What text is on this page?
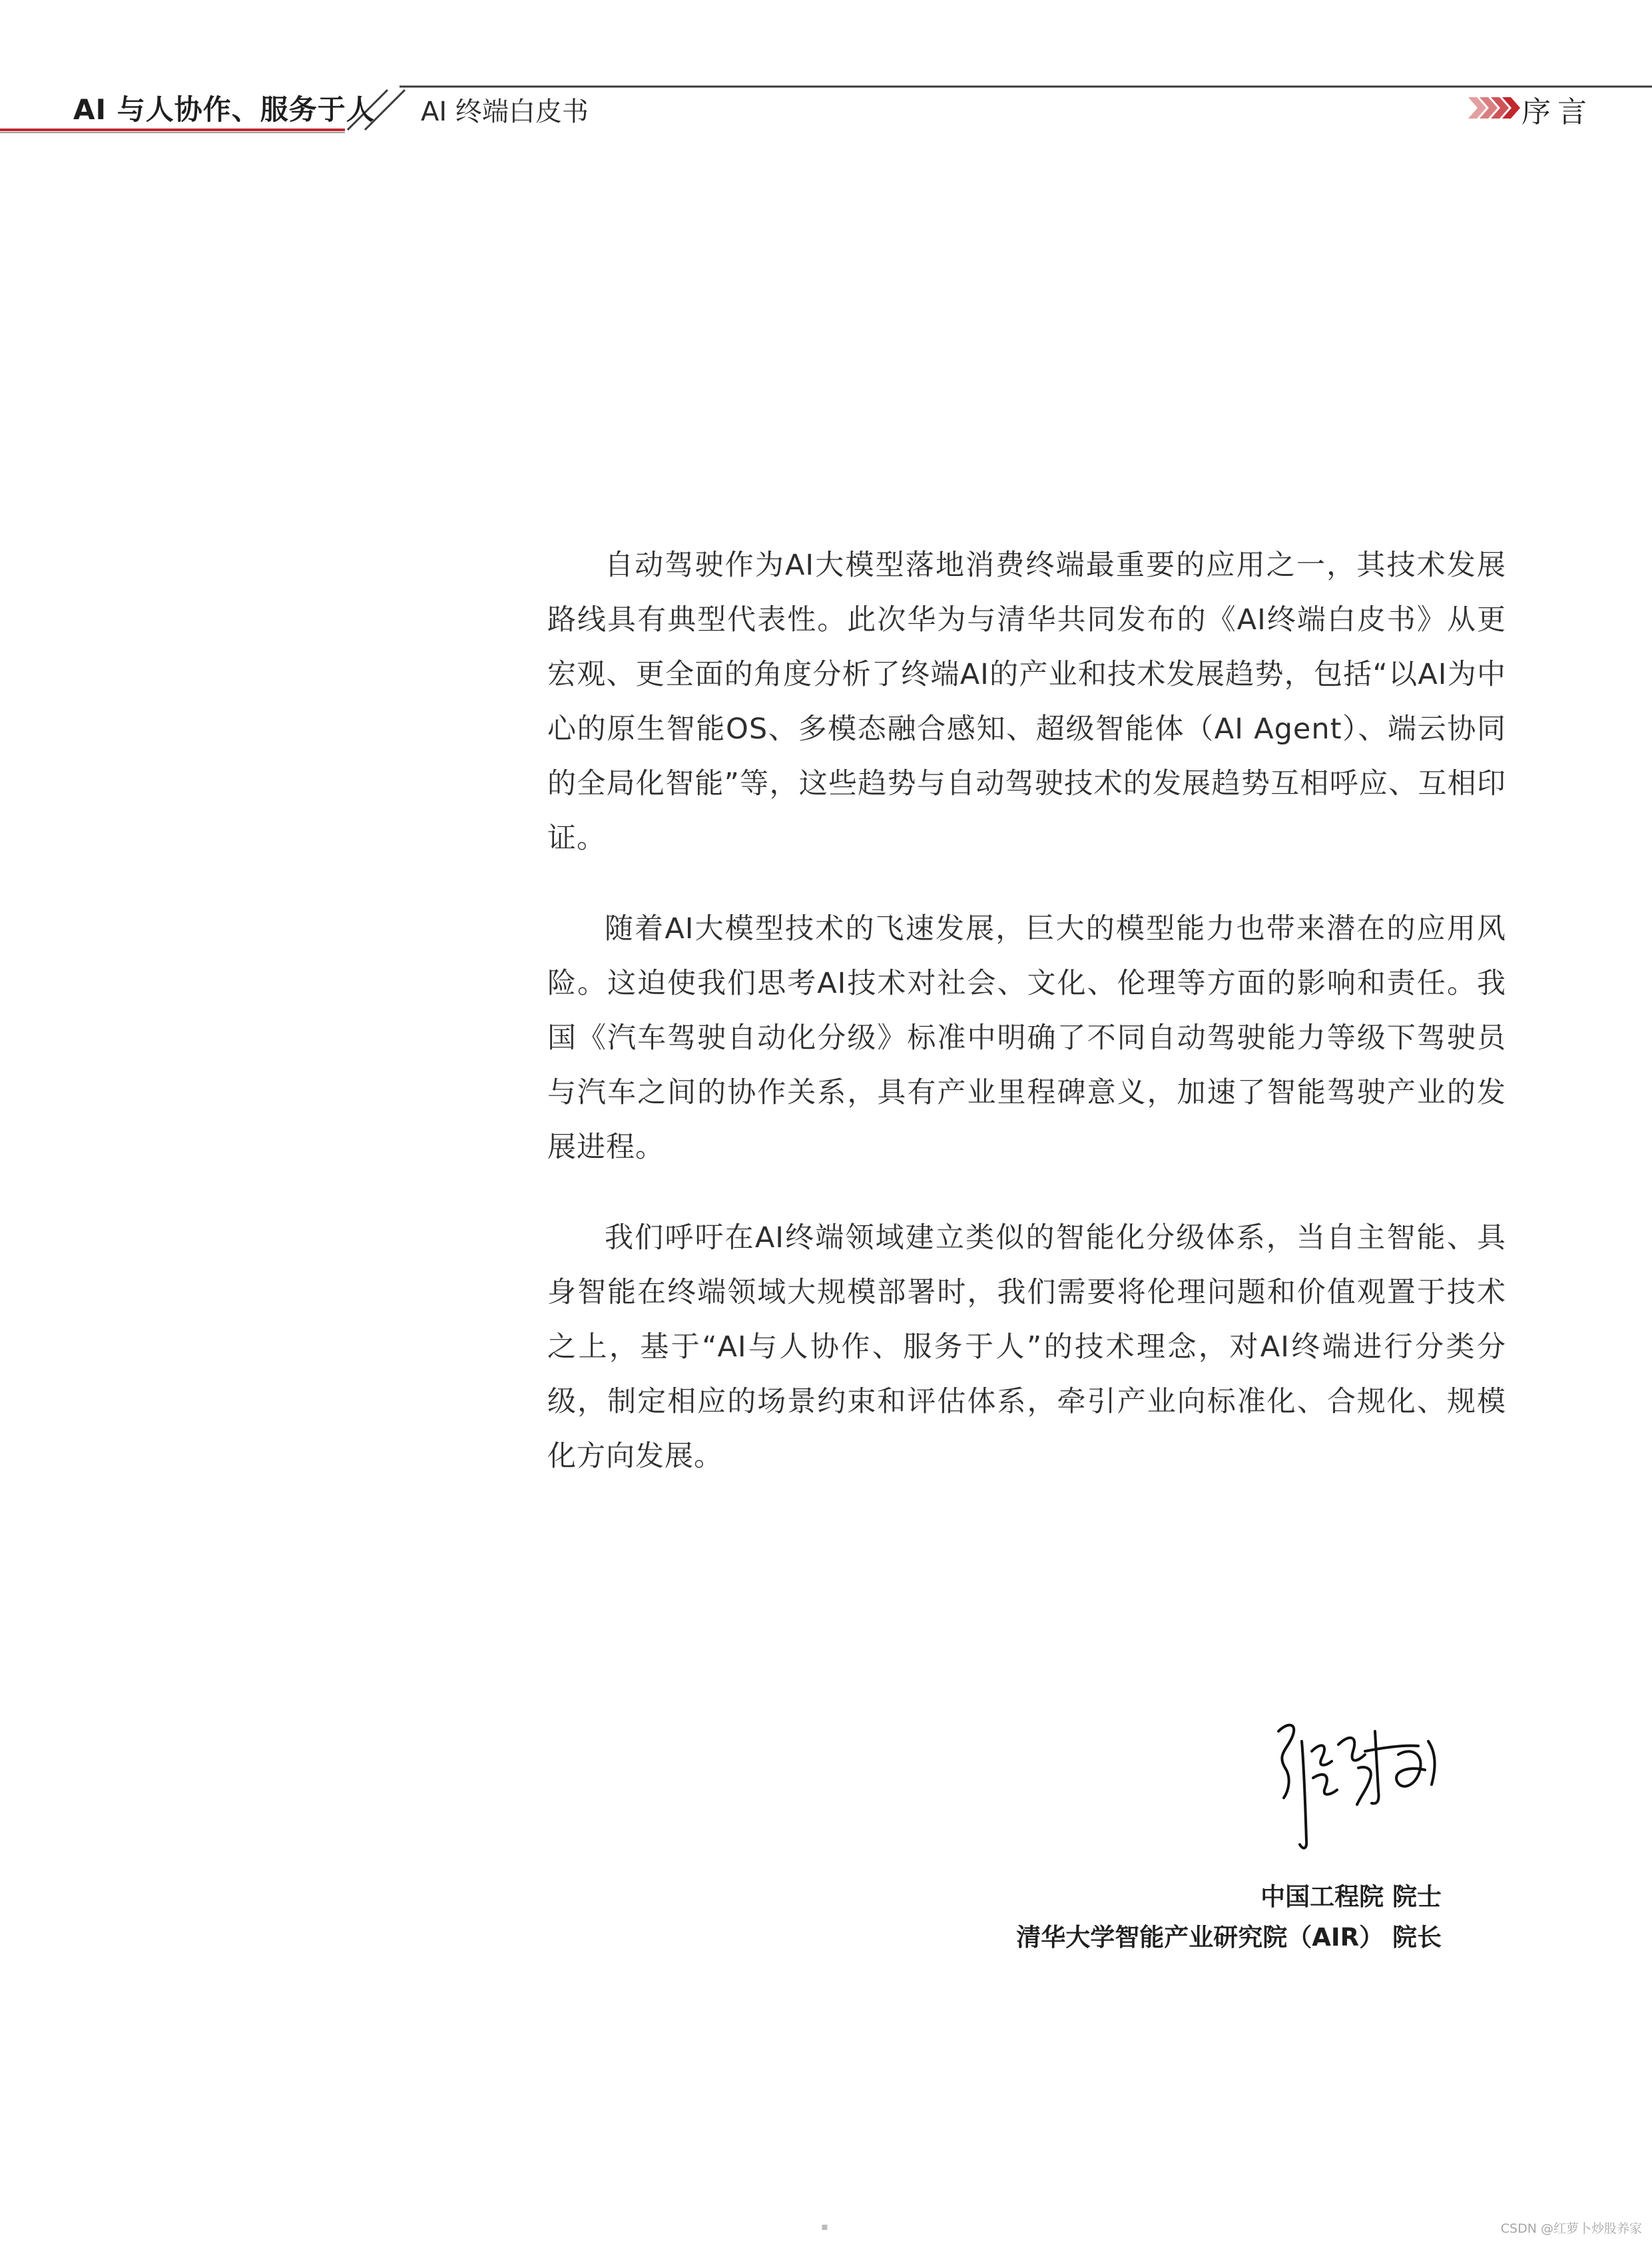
AI 与人协作、服务于人 AI 终端白皮书	序言

自动驾驶作为AI大模型落地消费终端最重要的应用之一，其技术发展路线具有典型代表性。此次华为与清华共同发布的《AI终端白皮书》从更宏观、更全面的角度分析了终端AI的产业和技术发展趋势，包括“以AI为中心的原生智能OS、多模态融合感知、超级智能体（AI Agent）、端云协同的全局化智能”等，这些趋势与自动驾驶技术的发展趋势互相呼应、互相印证。

随着AI大模型技术的飞速发展，巨大的模型能力也带来潜在的应用风险。这迫使我们思考AI技术对社会、文化、伦理等方面的影响和责任。我国《汽车驾驶自动化分级》标准中明确了不同自动驾驶能力等级下驾驶员与汽车之间的协作关系，具有产业里程碑意义，加速了智能驾驶产业的发展进程。

我们呼吁在AI终端领域建立类似的智能化分级体系，当自主智能、具身智能在终端领域大规模部署时，我们需要将伦理问题和价值观置于技术之上，基于“AI与人协作、服务于人”的技术理念，对AI终端进行分类分级，制定相应的场景约束和评估体系，牵引产业向标准化、合规化、规模化方向发展。

中国工程院 院士
清华大学智能产业研究院（AIR） 院长
▪	CSDN @红萝卜炒股养家
